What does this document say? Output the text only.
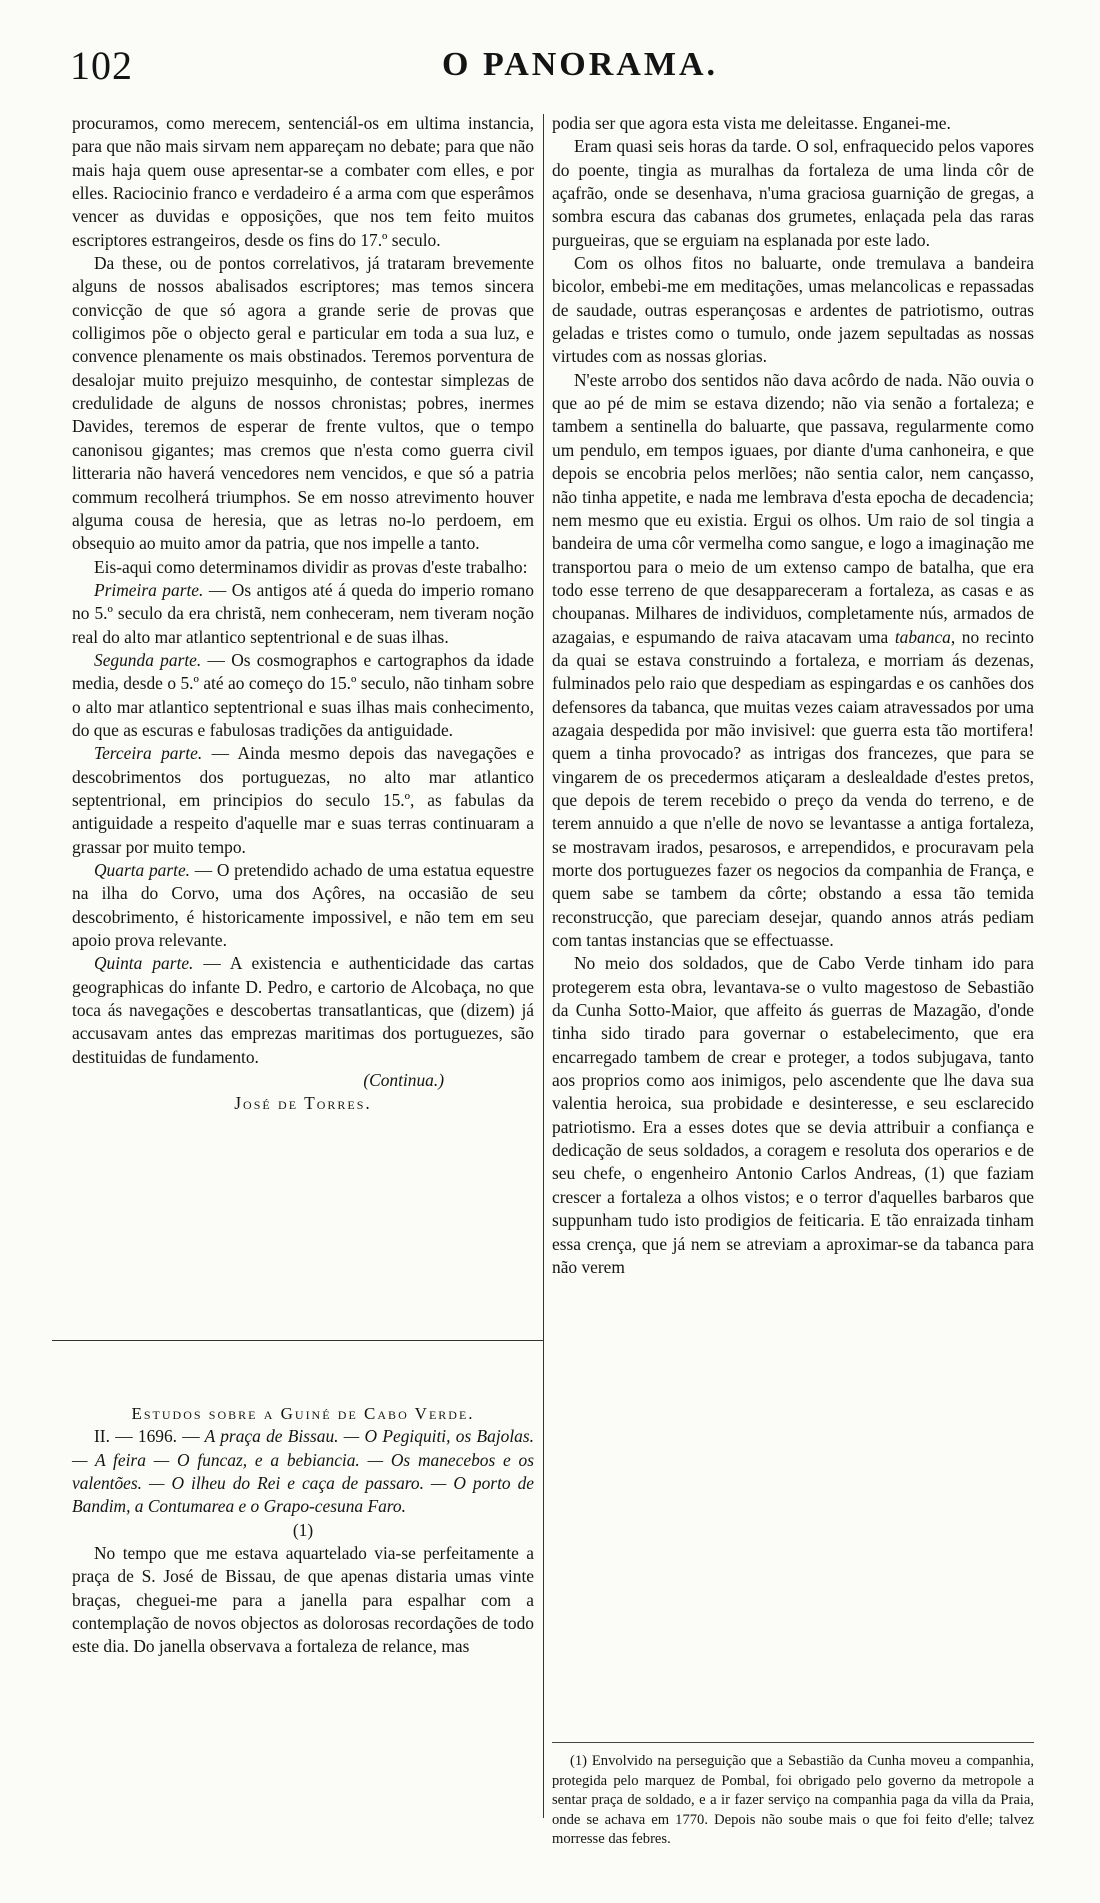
102	O PANORAMA.

procuramos, como merecem, sentenciál-os em ultima instancia, para que não mais sirvam nem appareçam no debate; para que não mais haja quem ouse apresentar-se a combater com elles, e por elles. Raciocinio franco e verdadeiro é a arma com que esperâmos vencer as duvidas e opposições, que nos tem feito muitos escriptores estrangeiros, desde os fins do 17.º seculo.

Da these, ou de pontos correlativos, já trataram brevemente alguns de nossos abalisados escriptores; mas temos sincera convicção de que só agora a grande serie de provas que colligimos põe o objecto geral e particular em toda a sua luz, e convence plenamente os mais obstinados. Teremos porventura de desalojar muito prejuizo mesquinho, de contestar simplezas de credulidade de alguns de nossos chronistas; pobres, inermes Davides, teremos de esperar de frente vultos, que o tempo canonisou gigantes; mas cremos que n'esta como guerra civil litteraria não haverá vencedores nem vencidos, e que só a patria commum recolherá triumphos. Se em nosso atrevimento houver alguma cousa de heresia, que as letras no-lo perdoem, em obsequio ao muito amor da patria, que nos impelle a tanto.

Eis-aqui como determinamos dividir as provas d'este trabalho:

Primeira parte. — Os antigos até á queda do imperio romano no 5.º seculo da era christã, nem conheceram, nem tiveram noção real do alto mar atlantico septentrional e de suas ilhas.

Segunda parte. — Os cosmographos e cartographos da idade media, desde o 5.º até ao começo do 15.º seculo, não tinham sobre o alto mar atlantico septentrional e suas ilhas mais conhecimento, do que as escuras e fabulosas tradições da antiguidade.

Terceira parte. — Ainda mesmo depois das navegações e descobrimentos dos portuguezas, no alto mar atlantico septentrional, em principios do seculo 15.º, as fabulas da antiguidade a respeito d'aquelle mar e suas terras continuaram a grassar por muito tempo.

Quarta parte. — O pretendido achado de uma estatua equestre na ilha do Corvo, uma dos Açôres, na occasião de seu descobrimento, é historicamente impossivel, e não tem em seu apoio prova relevante.

Quinta parte. — A existencia e authenticidade das cartas geographicas do infante D. Pedro, e cartorio de Alcobaça, no que toca ás navegações e descobertas transatlanticas, que (dizem) já accusavam antes das emprezas maritimas dos portuguezes, são destituidas de fundamento.

(Continua.)

José de Torres.

Estudos sobre a Guiné de Cabo Verde.

II. — 1696. — A praça de Bissau. — O Pegiquiti, os Bajolas. — A feira — O funcaz, e a bebiancia. — Os manecebos e os valentões. — O ilheu do Rei e caça de passaro. — O porto de Bandim, a Contumarea e o Grapo-cesuna Faro.

(1)

No tempo que me estava aquartelado via-se perfeitamente a praça de S. José de Bissau, de que apenas distaria umas vinte braças, cheguei-me para a janella para espalhar com a contemplação de novos objectos as dolorosas recordações de todo este dia. Do janella observava a fortaleza de relance, mas

podia ser que agora esta vista me deleitasse. Enganei-me.

Eram quasi seis horas da tarde. O sol, enfraquecido pelos vapores do poente, tingia as muralhas da fortaleza de uma linda côr de açafrão, onde se desenhava, n'uma graciosa guarnição de gregas, a sombra escura das cabanas dos grumetes, enlaçada pela das raras purgueiras, que se erguiam na esplanada por este lado.

Com os olhos fitos no baluarte, onde tremulava a bandeira bicolor, embebi-me em meditações, umas melancolicas e repassadas de saudade, outras esperançosas e ardentes de patriotismo, outras geladas e tristes como o tumulo, onde jazem sepultadas as nossas virtudes com as nossas glorias.

N'este arrobo dos sentidos não dava acôrdo de nada. Não ouvia o que ao pé de mim se estava dizendo; não via senão a fortaleza; e tambem a sentinella do baluarte, que passava, regularmente como um pendulo, em tempos iguaes, por diante d'uma canhoneira, e que depois se encobria pelos merlões; não sentia calor, nem cançasso, não tinha appetite, e nada me lembrava d'esta epocha de decadencia; nem mesmo que eu existia. Ergui os olhos. Um raio de sol tingia a bandeira de uma côr vermelha como sangue, e logo a imaginação me transportou para o meio de um extenso campo de batalha, que era todo esse terreno de que desappareceram a fortaleza, as casas e as choupanas. Milhares de individuos, completamente nús, armados de azagaias, e espumando de raiva atacavam uma tabanca, no recinto da quai se estava construindo a fortaleza, e morriam ás dezenas, fulminados pelo raio que despediam as espingardas e os canhões dos defensores da tabanca, que muitas vezes caiam atravessados por uma azagaia despedida por mão invisivel: que guerra esta tão mortifera! quem a tinha provocado? as intrigas dos francezes, que para se vingarem de os precedermos atiçaram a deslealdade d'estes pretos, que depois de terem recebido o preço da venda do terreno, e de terem annuido a que n'elle de novo se levantasse a antiga fortaleza, se mostravam irados, pesarosos, e arrependidos, e procuravam pela morte dos portuguezes fazer os negocios da companhia de França, e quem sabe se tambem da côrte; obstando a essa tão temida reconstrucção, que pareciam desejar, quando annos atrás pediam com tantas instancias que se effectuasse.

No meio dos soldados, que de Cabo Verde tinham ido para protegerem esta obra, levantava-se o vulto magestoso de Sebastião da Cunha Sotto-Maior, que affeito ás guerras de Mazagão, d'onde tinha sido tirado para governar o estabelecimento, que era encarregado tambem de crear e proteger, a todos subjugava, tanto aos proprios como aos inimigos, pelo ascendente que lhe dava sua valentia heroica, sua probidade e desinteresse, e seu esclarecido patriotismo. Era a esses dotes que se devia attribuir a confiança e dedicação de seus soldados, a coragem e resoluta dos operarios e de seu chefe, o engenheiro Antonio Carlos Andreas, (1) que faziam crescer a fortaleza a olhos vistos; e o terror d'aquelles barbaros que suppunham tudo isto prodigios de feiticaria. E tão enraizada tinham essa crença, que já nem se atreviam a aproximar-se da tabanca para não verem

(1) Envolvido na perseguição que a Sebastião da Cunha moveu a companhia, protegida pelo marquez de Pombal, foi obrigado pelo governo da metropole a sentar praça de soldado, e a ir fazer serviço na companhia paga da villa da Praia, onde se achava em 1770. Depois não soube mais o que foi feito d'elle; talvez morresse das febres.
